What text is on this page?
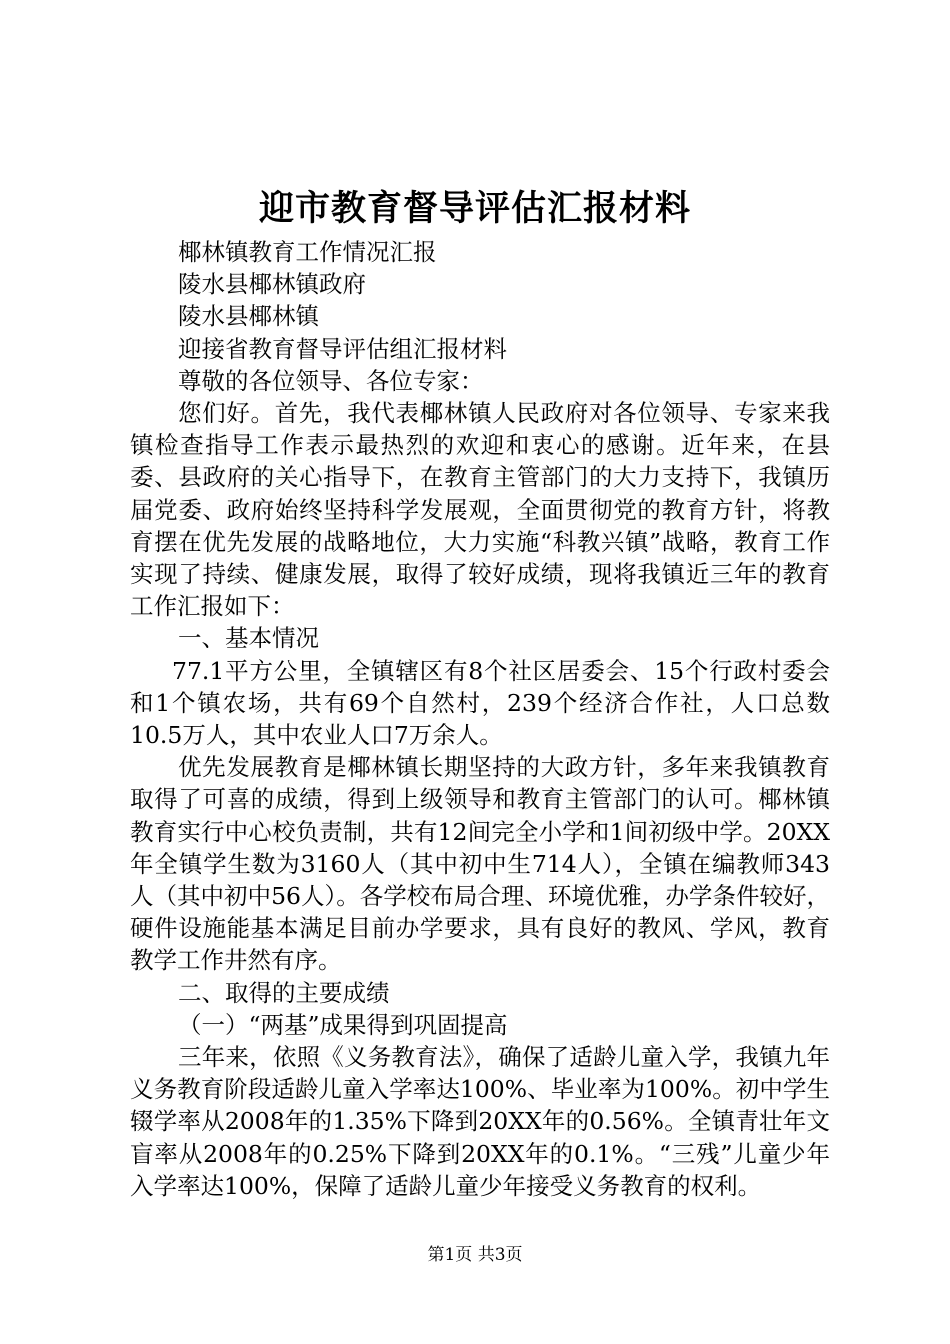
迎市教育督导评估汇报材料

椰林镇教育工作情况汇报

陵水县椰林镇政府

陵水县椰林镇

迎接省教育督导评估组汇报材料

尊敬的各位领导、各位专家：

您们好。首先，我代表椰林镇人民政府对各位领导、专家来我镇检查指导工作表示最热烈的欢迎和衷心的感谢。近年来，在县委、县政府的关心指导下，在教育主管部门的大力支持下，我镇历届党委、政府始终坚持科学发展观，全面贯彻党的教育方针，将教育摆在优先发展的战略地位，大力实施“科教兴镇”战略，教育工作实现了持续、健康发展，取得了较好成绩，现将我镇近三年的教育工作汇报如下：

一、基本情况

77.1平方公里，全镇辖区有8个社区居委会、15个行政村委会和1个镇农场，共有69个自然村，239个经济合作社，人口总数10.5万人，其中农业人口7万余人。

优先发展教育是椰林镇长期坚持的大政方针，多年来我镇教育取得了可喜的成绩，得到上级领导和教育主管部门的认可。椰林镇教育实行中心校负责制，共有12间完全小学和1间初级中学。20XX年全镇学生数为3160人（其中初中生714人），全镇在编教师343人（其中初中56人）。各学校布局合理、环境优雅，办学条件较好，硬件设施能基本满足目前办学要求，具有良好的教风、学风，教育教学工作井然有序。

二、取得的主要成绩

（一）“两基”成果得到巩固提高

三年来，依照《义务教育法》，确保了适龄儿童入学，我镇九年义务教育阶段适龄儿童入学率达100%、毕业率为100%。初中学生辍学率从2008年的1.35%下降到20XX年的0.56%。全镇青壮年文盲率从2008年的0.25%下降到20XX年的0.1%。“三残”儿童少年入学率达100%，保障了适龄儿童少年接受义务教育的权利。

第1页 共3页
